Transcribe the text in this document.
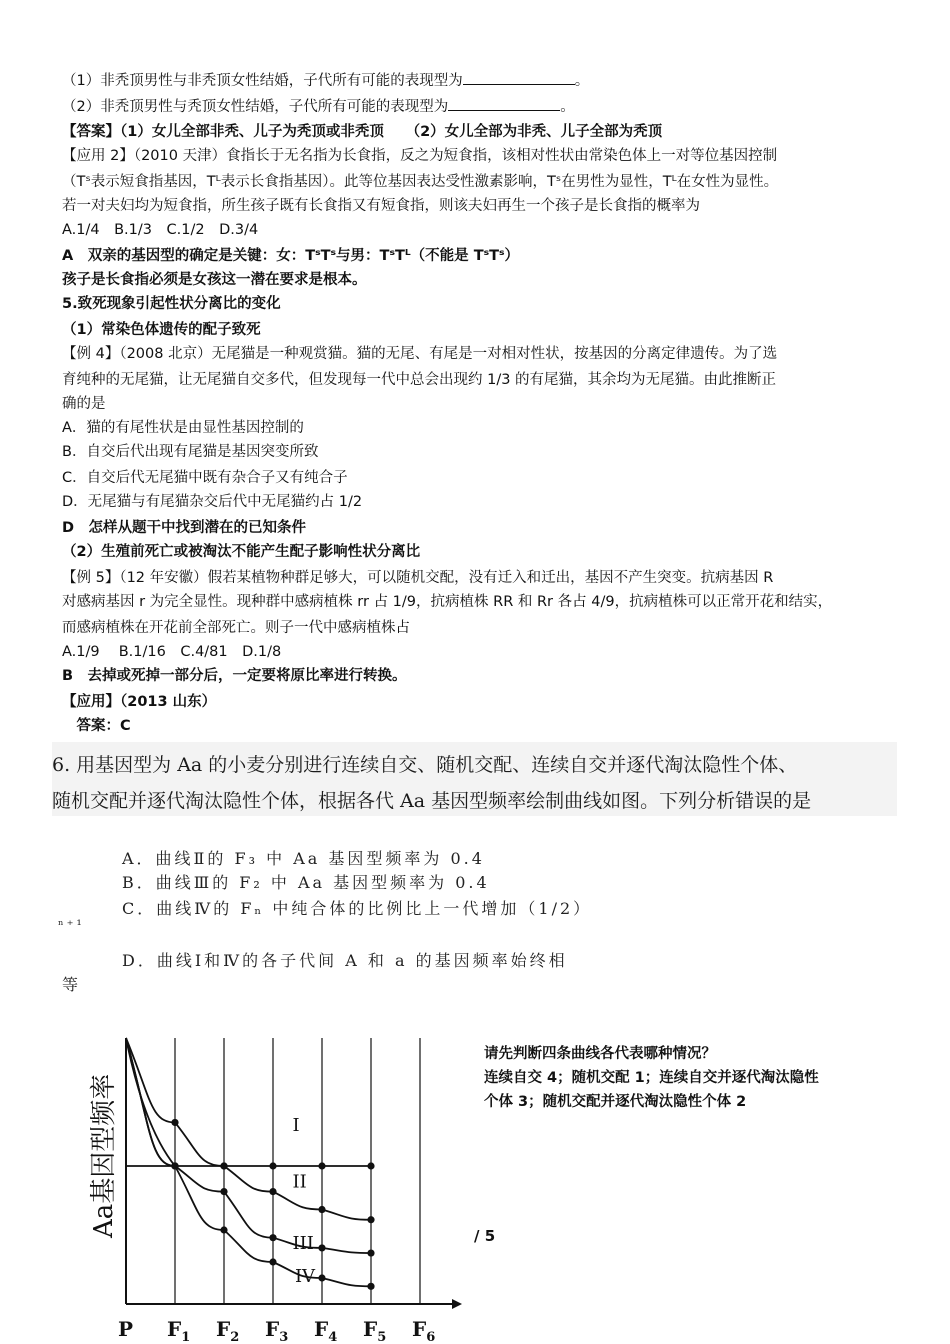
（1）非秃顶男性与非秃顶女性结婚，子代所有可能的表现型为	。
（2）非秃顶男性与秃顶女性结婚，子代所有可能的表现型为	。
【答案】（1）女儿全部非秃、儿子为秃顶或非秃顶　　（2）女儿全部为非秃、儿子全部为秃顶
【应用 2】（2010 天津）食指长于无名指为长食指，反之为短食指，该相对性状由常染色体上一对等位基因控制
（Tˢ表示短食指基因，Tᴸ表示长食指基因）。此等位基因表达受性激素影响，Tˢ在男性为显性，Tᴸ在女性为显性。
若一对夫妇均为短食指，所生孩子既有长食指又有短食指，则该夫妇再生一个孩子是长食指的概率为
A.1/4　B.1/3　C.1/2　D.3/4
A　双亲的基因型的确定是关键：女：TˢTˢ与男：TˢTᴸ（不能是 TˢTˢ）
孩子是长食指必须是女孩这一潜在要求是根本。
5.致死现象引起性状分离比的变化
（1）常染色体遗传的配子致死
【例 4】（2008 北京）无尾猫是一种观赏猫。猫的无尾、有尾是一对相对性状，按基因的分离定律遗传。为了选
育纯种的无尾猫，让无尾猫自交多代，但发现每一代中总会出现约 1/3 的有尾猫，其余均为无尾猫。由此推断正
确的是
A．猫的有尾性状是由显性基因控制的
B．自交后代出现有尾猫是基因突变所致
C．自交后代无尾猫中既有杂合子又有纯合子
D．无尾猫与有尾猫杂交后代中无尾猫约占 1/2
D　怎样从题干中找到潜在的已知条件
（2）生殖前死亡或被淘汰不能产生配子影响性状分离比
【例 5】（12 年安徽）假若某植物种群足够大，可以随机交配，没有迁入和迁出，基因不产生突变。抗病基因 R
对感病基因 r 为完全显性。现种群中感病植株 rr 占 1/9，抗病植株 RR 和 Rr 各占 4/9，抗病植株可以正常开花和结实，
而感病植株在开花前全部死亡。则子一代中感病植株占
A.1/9　 B.1/16　C.4/81　D.1/8
B　去掉或死掉一部分后，一定要将原比率进行转换。
【应用】（2013 山东）
　答案：C
6. 用基因型为 Aa 的小麦分别进行连续自交、随机交配、连续自交并逐代淘汰隐性个体、
随机交配并逐代淘汰隐性个体，根据各代 Aa 基因型频率绘制曲线如图。下列分析错误的是
A．曲线Ⅱ的 F₃ 中 Aa 基因型频率为 0.4
B．曲线Ⅲ的 F₂ 中 Aa 基因型频率为 0.4
C．曲线Ⅳ的 Fₙ 中纯合体的比例比上一代增加（1/2）
ⁿ⁺¹
D．曲线Ⅰ和Ⅳ的各子代间 A 和 a 的基因频率始终相
等
请先判断四条曲线各代表哪种情况？
连续自交 4；随机交配 1；连续自交并逐代淘汰隐性
个体 3；随机交配并逐代淘汰隐性个体 2
/ 5
Aa基因型频率
P $F_1$ $F_2$ $F_3$ $F_4$ $F_5$ $F_6$
I
II
III
IV
